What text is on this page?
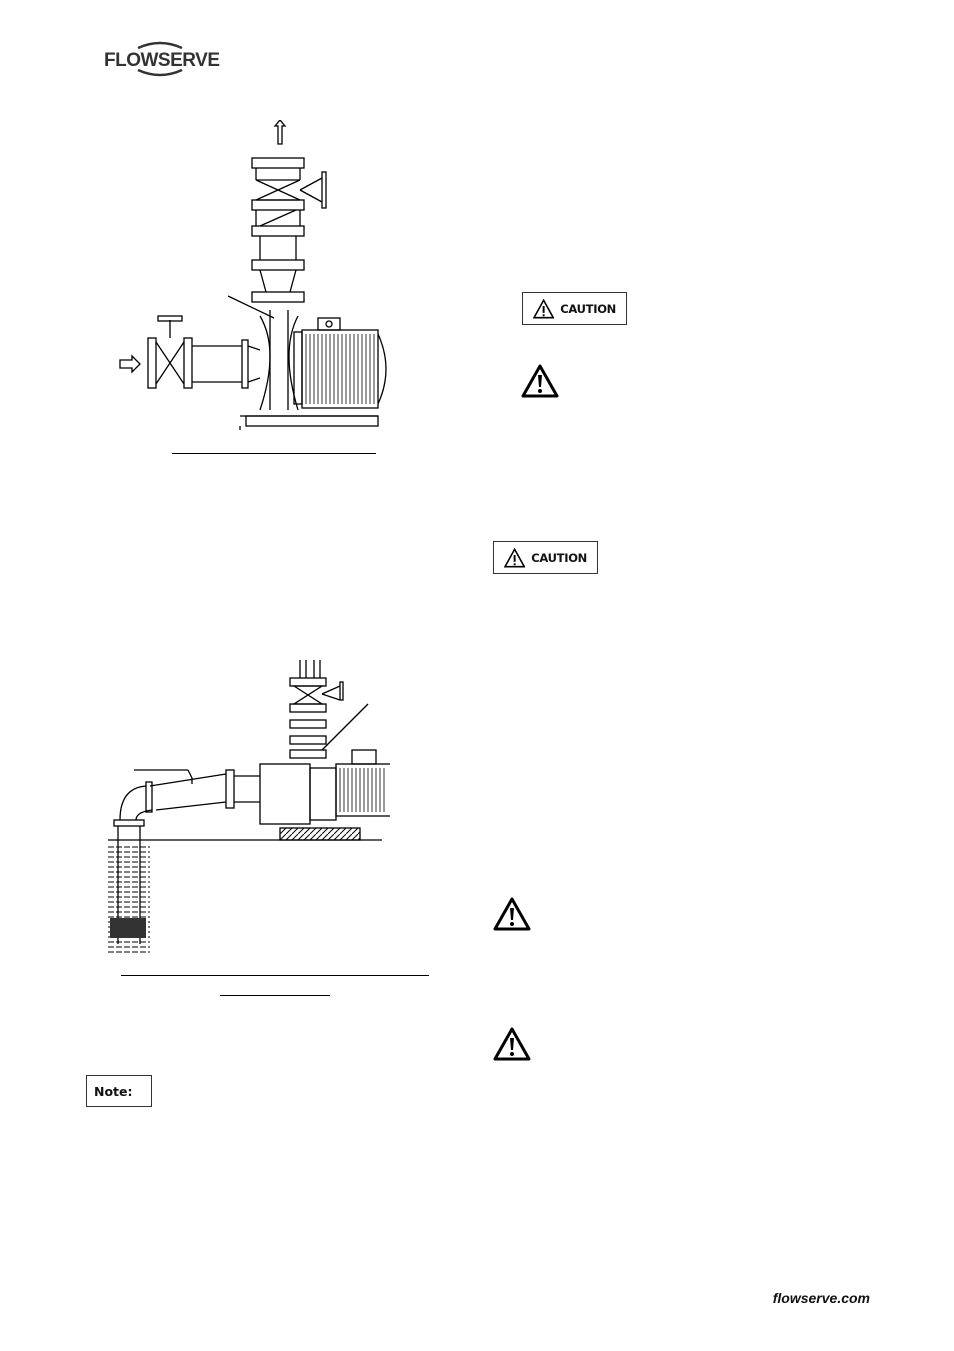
FLOWSERVE
CAUTION
CAUTION
Note:
flowserve.com
